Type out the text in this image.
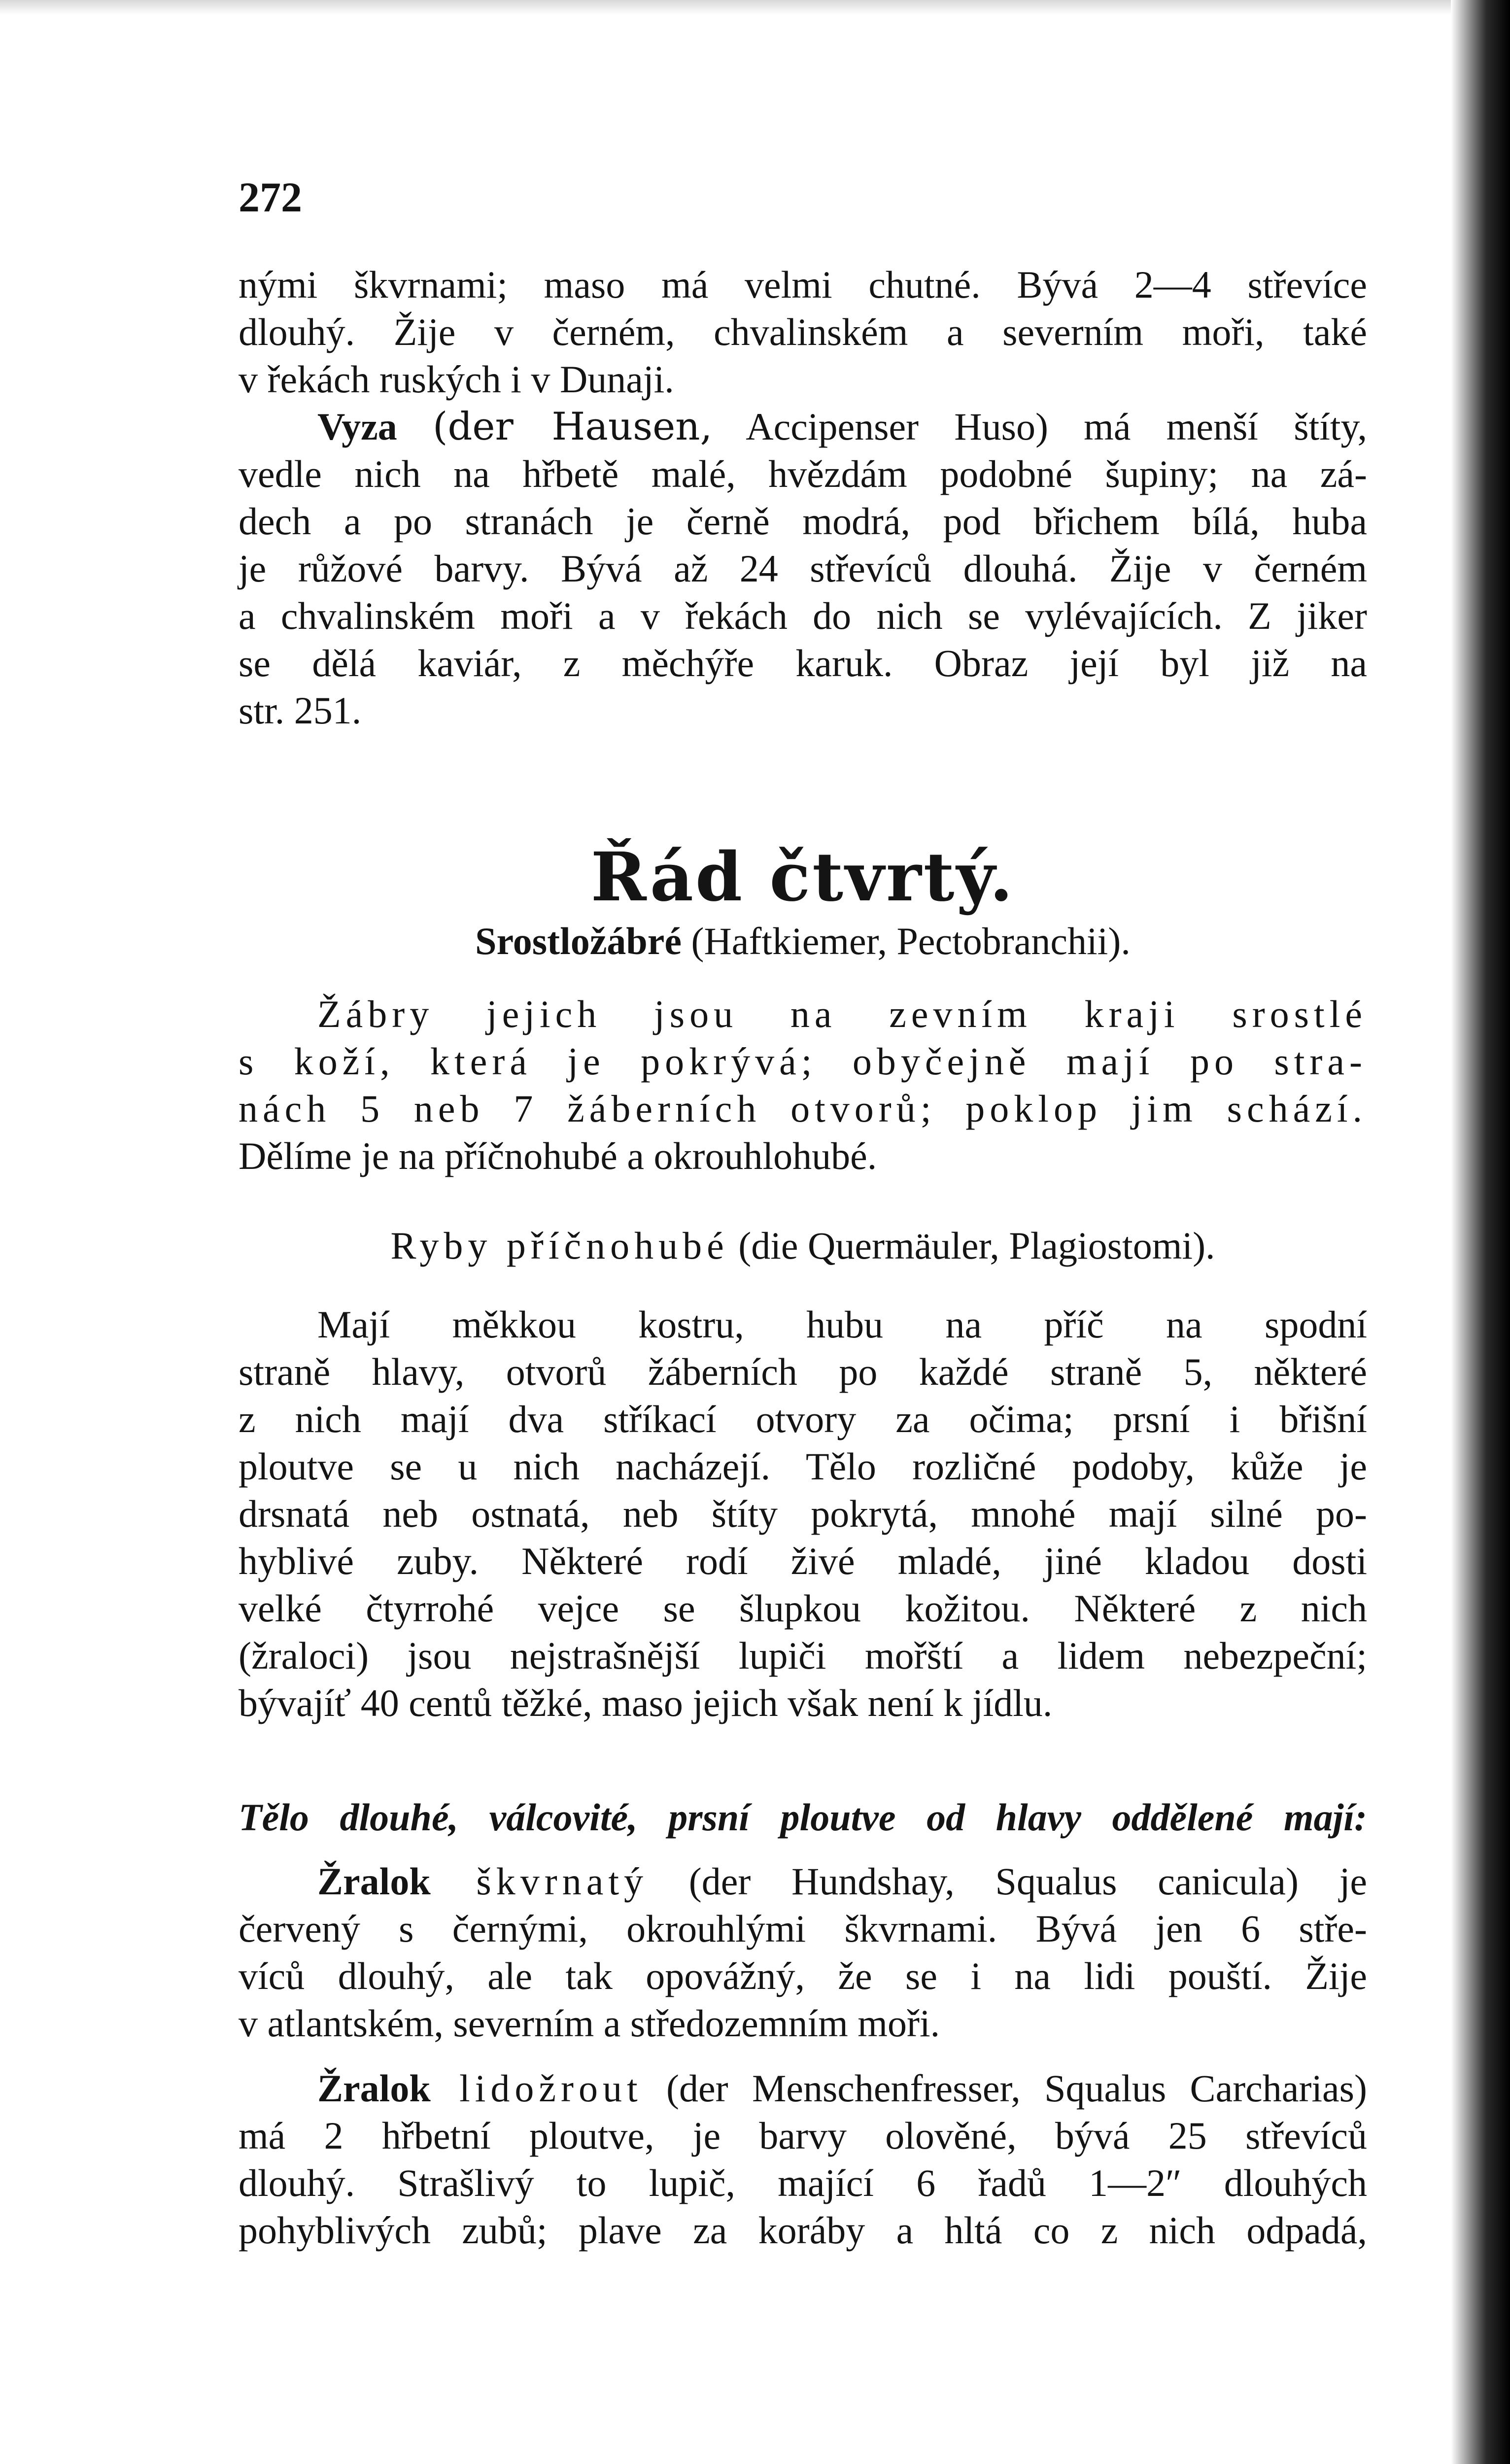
272
nými škvrnami; maso má velmi chutné. Bývá 2—4 střevíce
dlouhý. Žije v černém, chvalinském a severním moři, také
v řekách ruských i v Dunaji.
Vyza (der Hausen, Accipenser Huso) má menší štíty,
vedle nich na hřbetě malé, hvězdám podobné šupiny; na zá-
dech a po stranách je černě modrá, pod břichem bílá, huba
je růžové barvy. Bývá až 24 střevíců dlouhá. Žije v černém
a chvalinském moři a v řekách do nich se vylévajících. Z jiker
se dělá kaviár, z měchýře karuk. Obraz její byl již na
str. 251.
Řád čtvrtý.
Srostložábré (Haftkiemer, Pectobranchii).
Žábry jejich jsou na zevním kraji srostlé
s koží, která je pokrývá; obyčejně mají po stra-
nách 5 neb 7 žáberních otvorů; poklop jim schází.
Dělíme je na příčnohubé a okrouhlohubé.
Ryby příčnohubé (die Quermäuler, Plagiostomi).
Mají měkkou kostru, hubu na příč na spodní
straně hlavy, otvorů žáberních po každé straně 5, některé
z nich mají dva stříkací otvory za očima; prsní i břišní
ploutve se u nich nacházejí. Tělo rozličné podoby, kůže je
drsnatá neb ostnatá, neb štíty pokrytá, mnohé mají silné po-
hyblivé zuby. Některé rodí živé mladé, jiné kladou dosti
velké čtyrrohé vejce se šlupkou kožitou. Některé z nich
(žraloci) jsou nejstrašnější lupiči mořští a lidem nebezpeční;
bývajíť 40 centů těžké, maso jejich však není k jídlu.
Tělo dlouhé, válcovité, prsní ploutve od hlavy oddělené mají:
Žralok škvrnatý (der Hundshay, Squalus canicula) je
červený s černými, okrouhlými škvrnami. Bývá jen 6 stře-
víců dlouhý, ale tak opovážný, že se i na lidi pouští. Žije
v atlantském, severním a středozemním moři.
Žralok lidožrout (der Menschenfresser, Squalus Carcharias)
má 2 hřbetní ploutve, je barvy olověné, bývá 25 střevíců
dlouhý. Strašlivý to lupič, mající 6 řadů 1—2″ dlouhých
pohyblivých zubů; plave za koráby a hltá co z nich odpadá,
